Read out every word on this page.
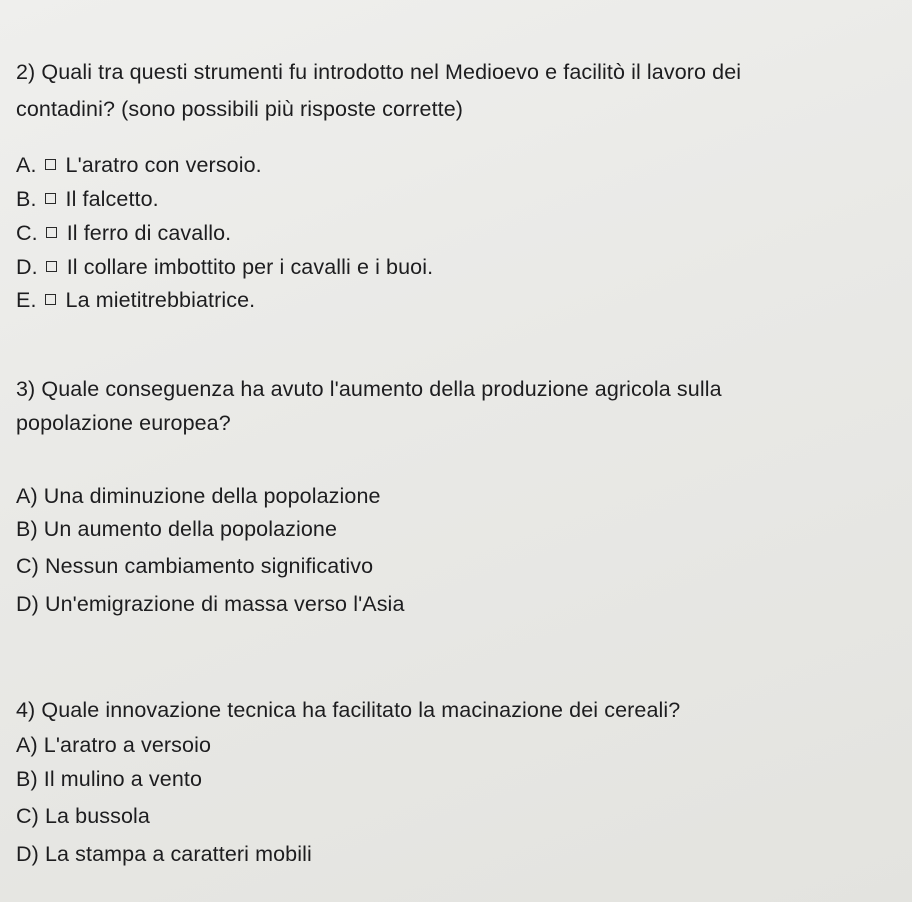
2) Quali tra questi strumenti fu introdotto nel Medioevo e facilitò il lavoro dei
contadini? (sono possibili più risposte corrette)
A. L'aratro con versoio.
B. Il falcetto.
C. Il ferro di cavallo.
D. Il collare imbottito per i cavalli e i buoi.
E. La mietitrebbiatrice.
3) Quale conseguenza ha avuto l'aumento della produzione agricola sulla
popolazione europea?
A) Una diminuzione della popolazione
B) Un aumento della popolazione
C) Nessun cambiamento significativo
D) Un'emigrazione di massa verso l'Asia
4) Quale innovazione tecnica ha facilitato la macinazione dei cereali?
A) L'aratro a versoio
B) Il mulino a vento
C) La bussola
D) La stampa a caratteri mobili
